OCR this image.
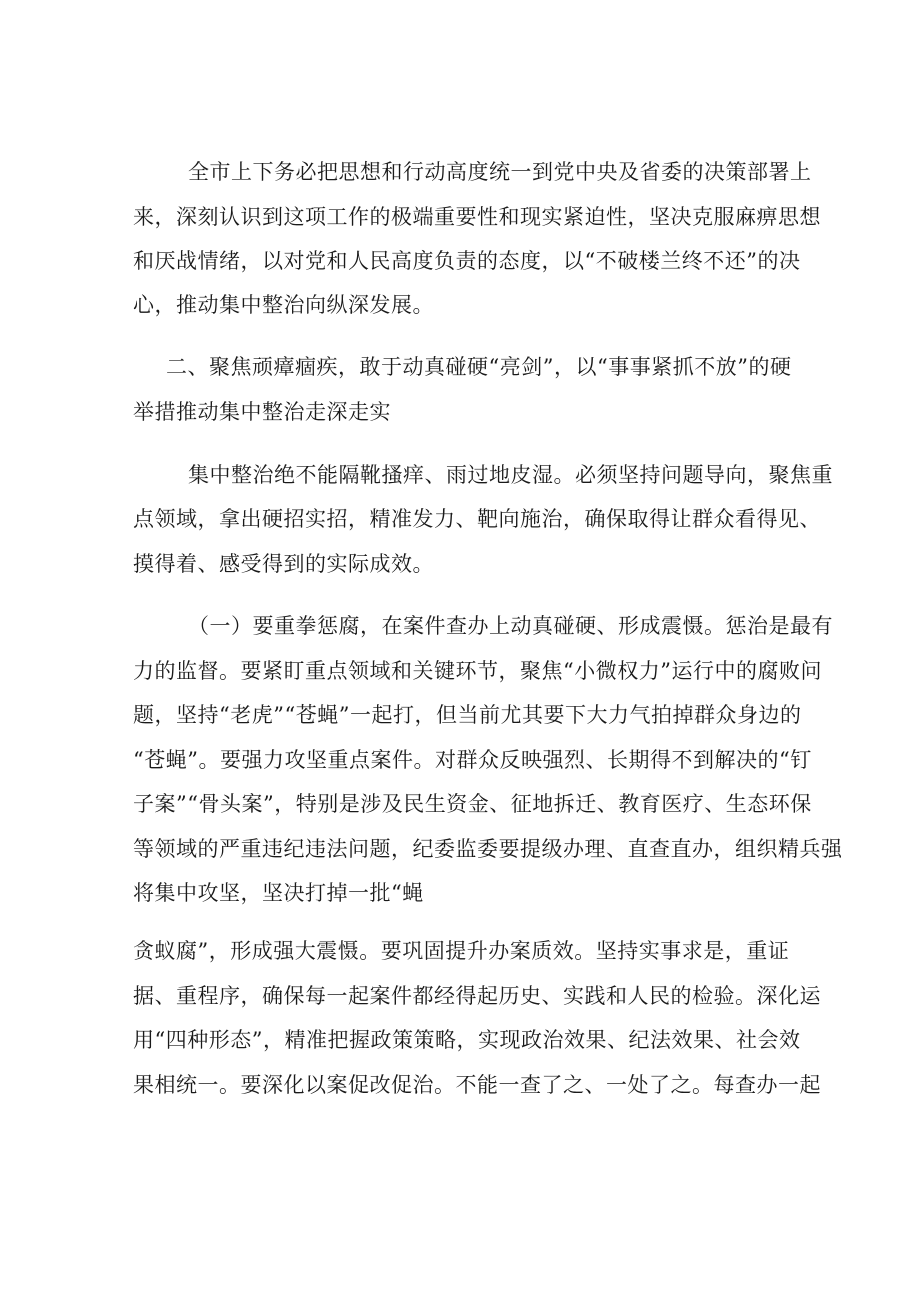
全市上下务必把思想和行动高度统一到党中央及省委的决策部署上
来，深刻认识到这项工作的极端重要性和现实紧迫性，坚决克服麻痹思想
和厌战情绪，以对党和人民高度负责的态度，以“不破楼兰终不还”的决
心，推动集中整治向纵深发展。
二、聚焦顽瘴痼疾，敢于动真碰硬“亮剑”，以“事事紧抓不放”的硬
举措推动集中整治走深走实
集中整治绝不能隔靴搔痒、雨过地皮湿。必须坚持问题导向，聚焦重
点领域，拿出硬招实招，精准发力、靶向施治，确保取得让群众看得见、
摸得着、感受得到的实际成效。
（一）要重拳惩腐，在案件查办上动真碰硬、形成震慑。惩治是最有
力的监督。要紧盯重点领域和关键环节，聚焦“小微权力”运行中的腐败问
题，坚持“老虎”“苍蝇”一起打，但当前尤其要下大力气拍掉群众身边的
“苍蝇”。要强力攻坚重点案件。对群众反映强烈、长期得不到解决的“钉
子案”“骨头案”，特别是涉及民生资金、征地拆迁、教育医疗、生态环保
等领域的严重违纪违法问题，纪委监委要提级办理、直查直办，组织精兵强
将集中攻坚，坚决打掉一批“蝇
贪蚁腐”，形成强大震慑。要巩固提升办案质效。坚持实事求是，重证
据、重程序，确保每一起案件都经得起历史、实践和人民的检验。深化运
用“四种形态”，精准把握政策策略，实现政治效果、纪法效果、社会效
果相统一。要深化以案促改促治。不能一查了之、一处了之。每查办一起
